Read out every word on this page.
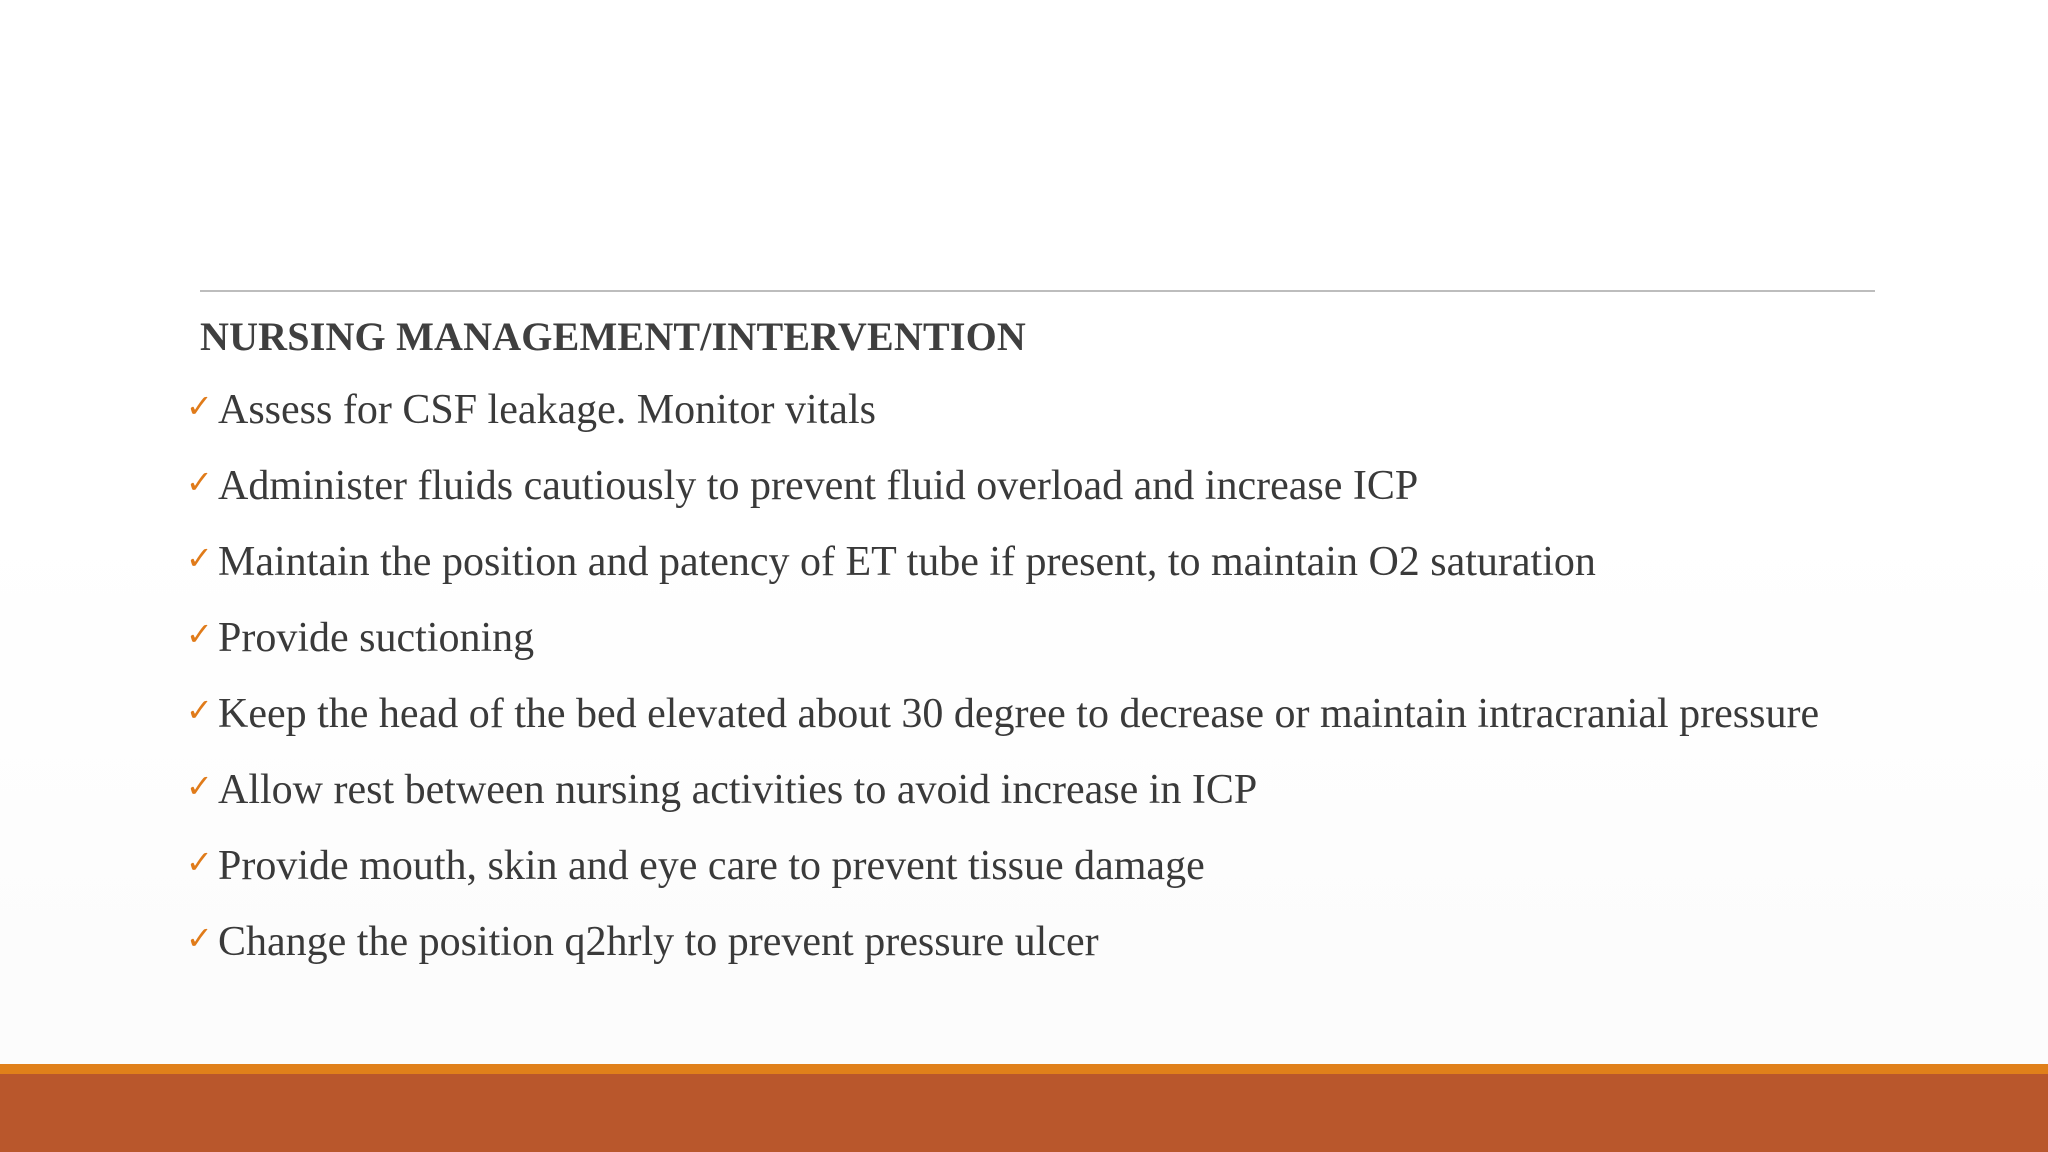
NURSING MANAGEMENT/INTERVENTION
✓ Assess for CSF leakage. Monitor vitals
✓ Administer fluids cautiously to prevent fluid overload and increase ICP
✓ Maintain the position and patency of ET tube if present, to maintain O2 saturation
✓ Provide suctioning
✓ Keep the head of the bed elevated about 30 degree to decrease or maintain intracranial pressure
✓ Allow rest between nursing activities to avoid increase in ICP
✓ Provide mouth, skin and eye care to prevent tissue damage
✓ Change the position q2hrly to prevent pressure ulcer
